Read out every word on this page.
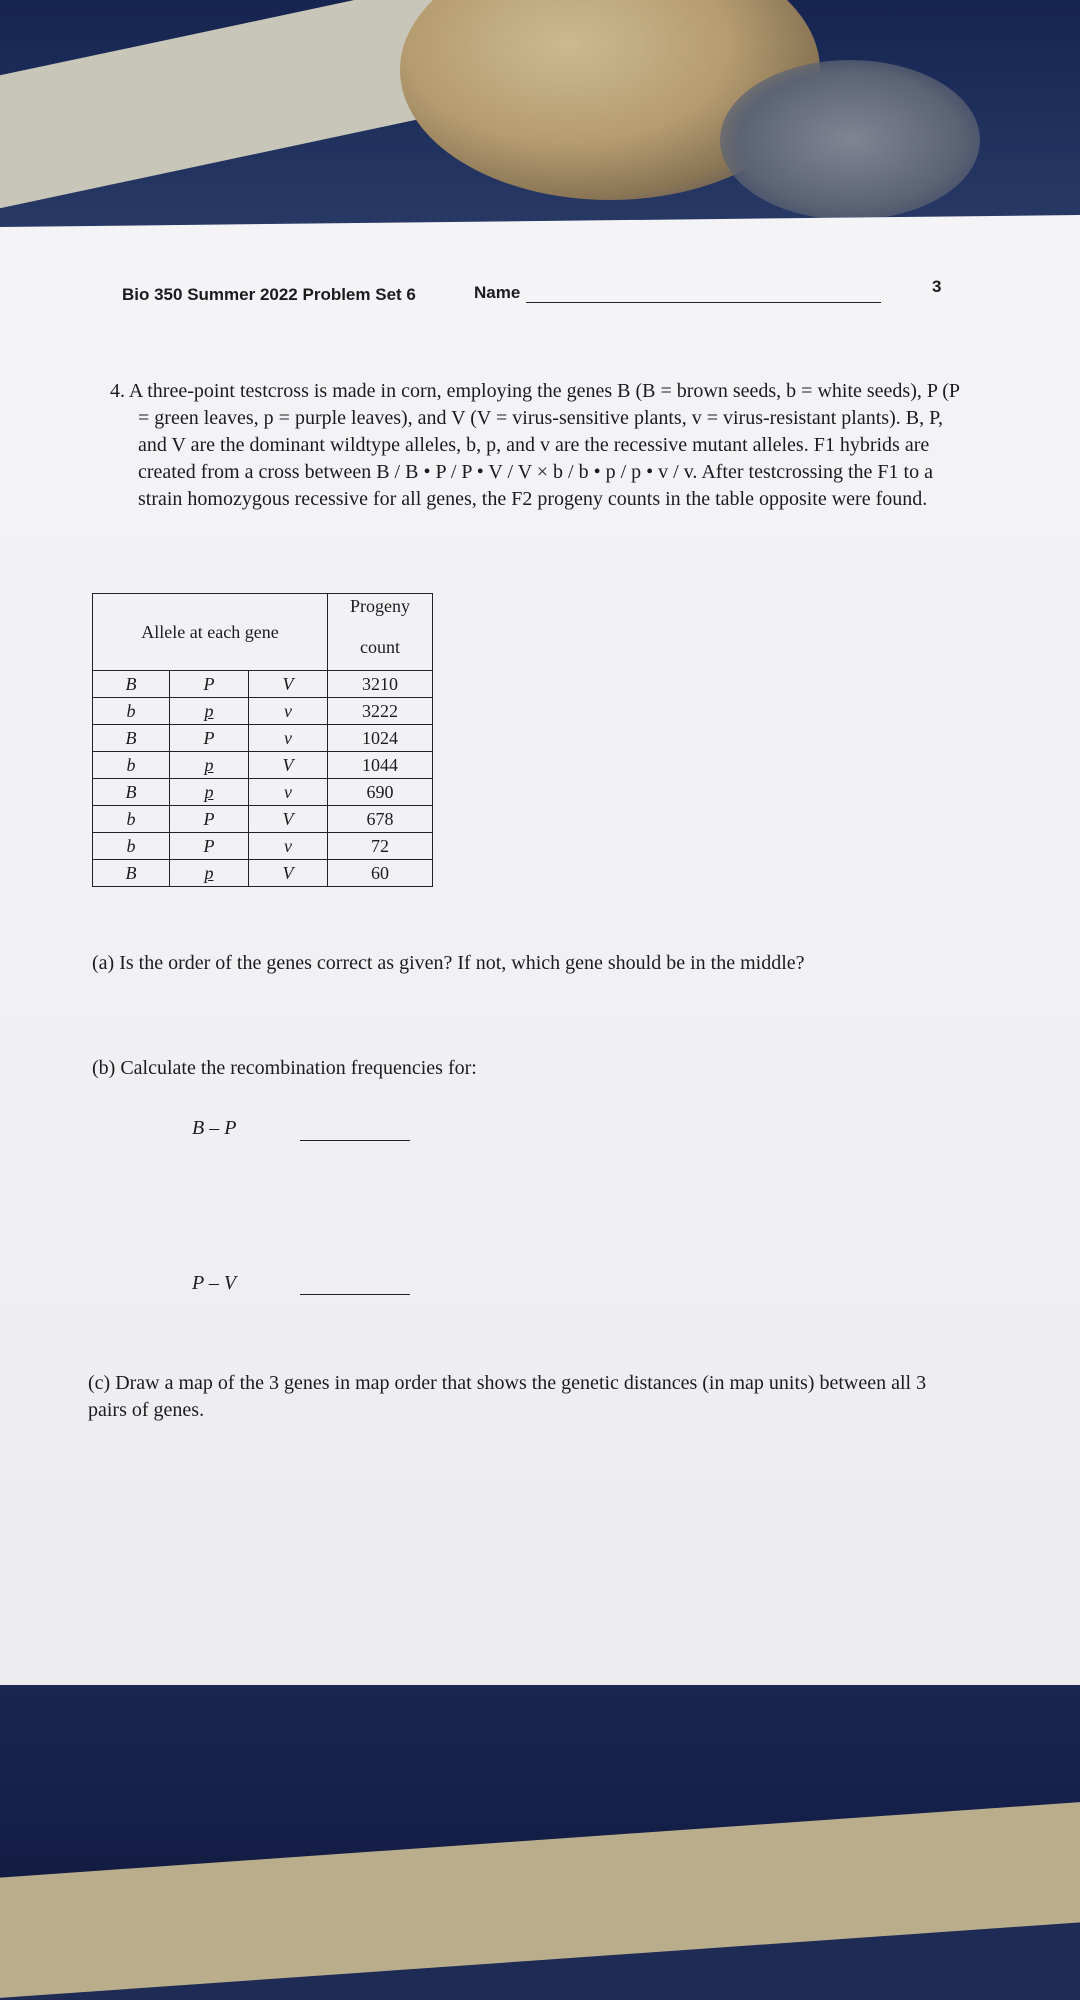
Bio 350 Summer 2022 Problem Set 6	Name	3
4. A three-point testcross is made in corn, employing the genes B (B = brown seeds, b = white seeds), P (P = green leaves, p = purple leaves), and V (V = virus-sensitive plants, v = virus-resistant plants). B, P, and V are the dominant wildtype alleles, b, p, and v are the recessive mutant alleles. F1 hybrids are created from a cross between B / B • P / P • V / V × b / b • p / p • v / v. After testcrossing the F1 to a strain homozygous recessive for all genes, the F2 progeny counts in the table opposite were found.
Allele at each gene			Progeny
count

B	P	V	3210
b	p	v	3222
B	P	v	1024
b	p	V	1044
B	p	v	690
b	P	V	678
b	P	v	72
B	p	V	60
(a) Is the order of the genes correct as given? If not, which gene should be in the middle?
(b) Calculate the recombination frequencies for:
B – P
P – V
(c) Draw a map of the 3 genes in map order that shows the genetic distances (in map units) between all 3 pairs of genes.
